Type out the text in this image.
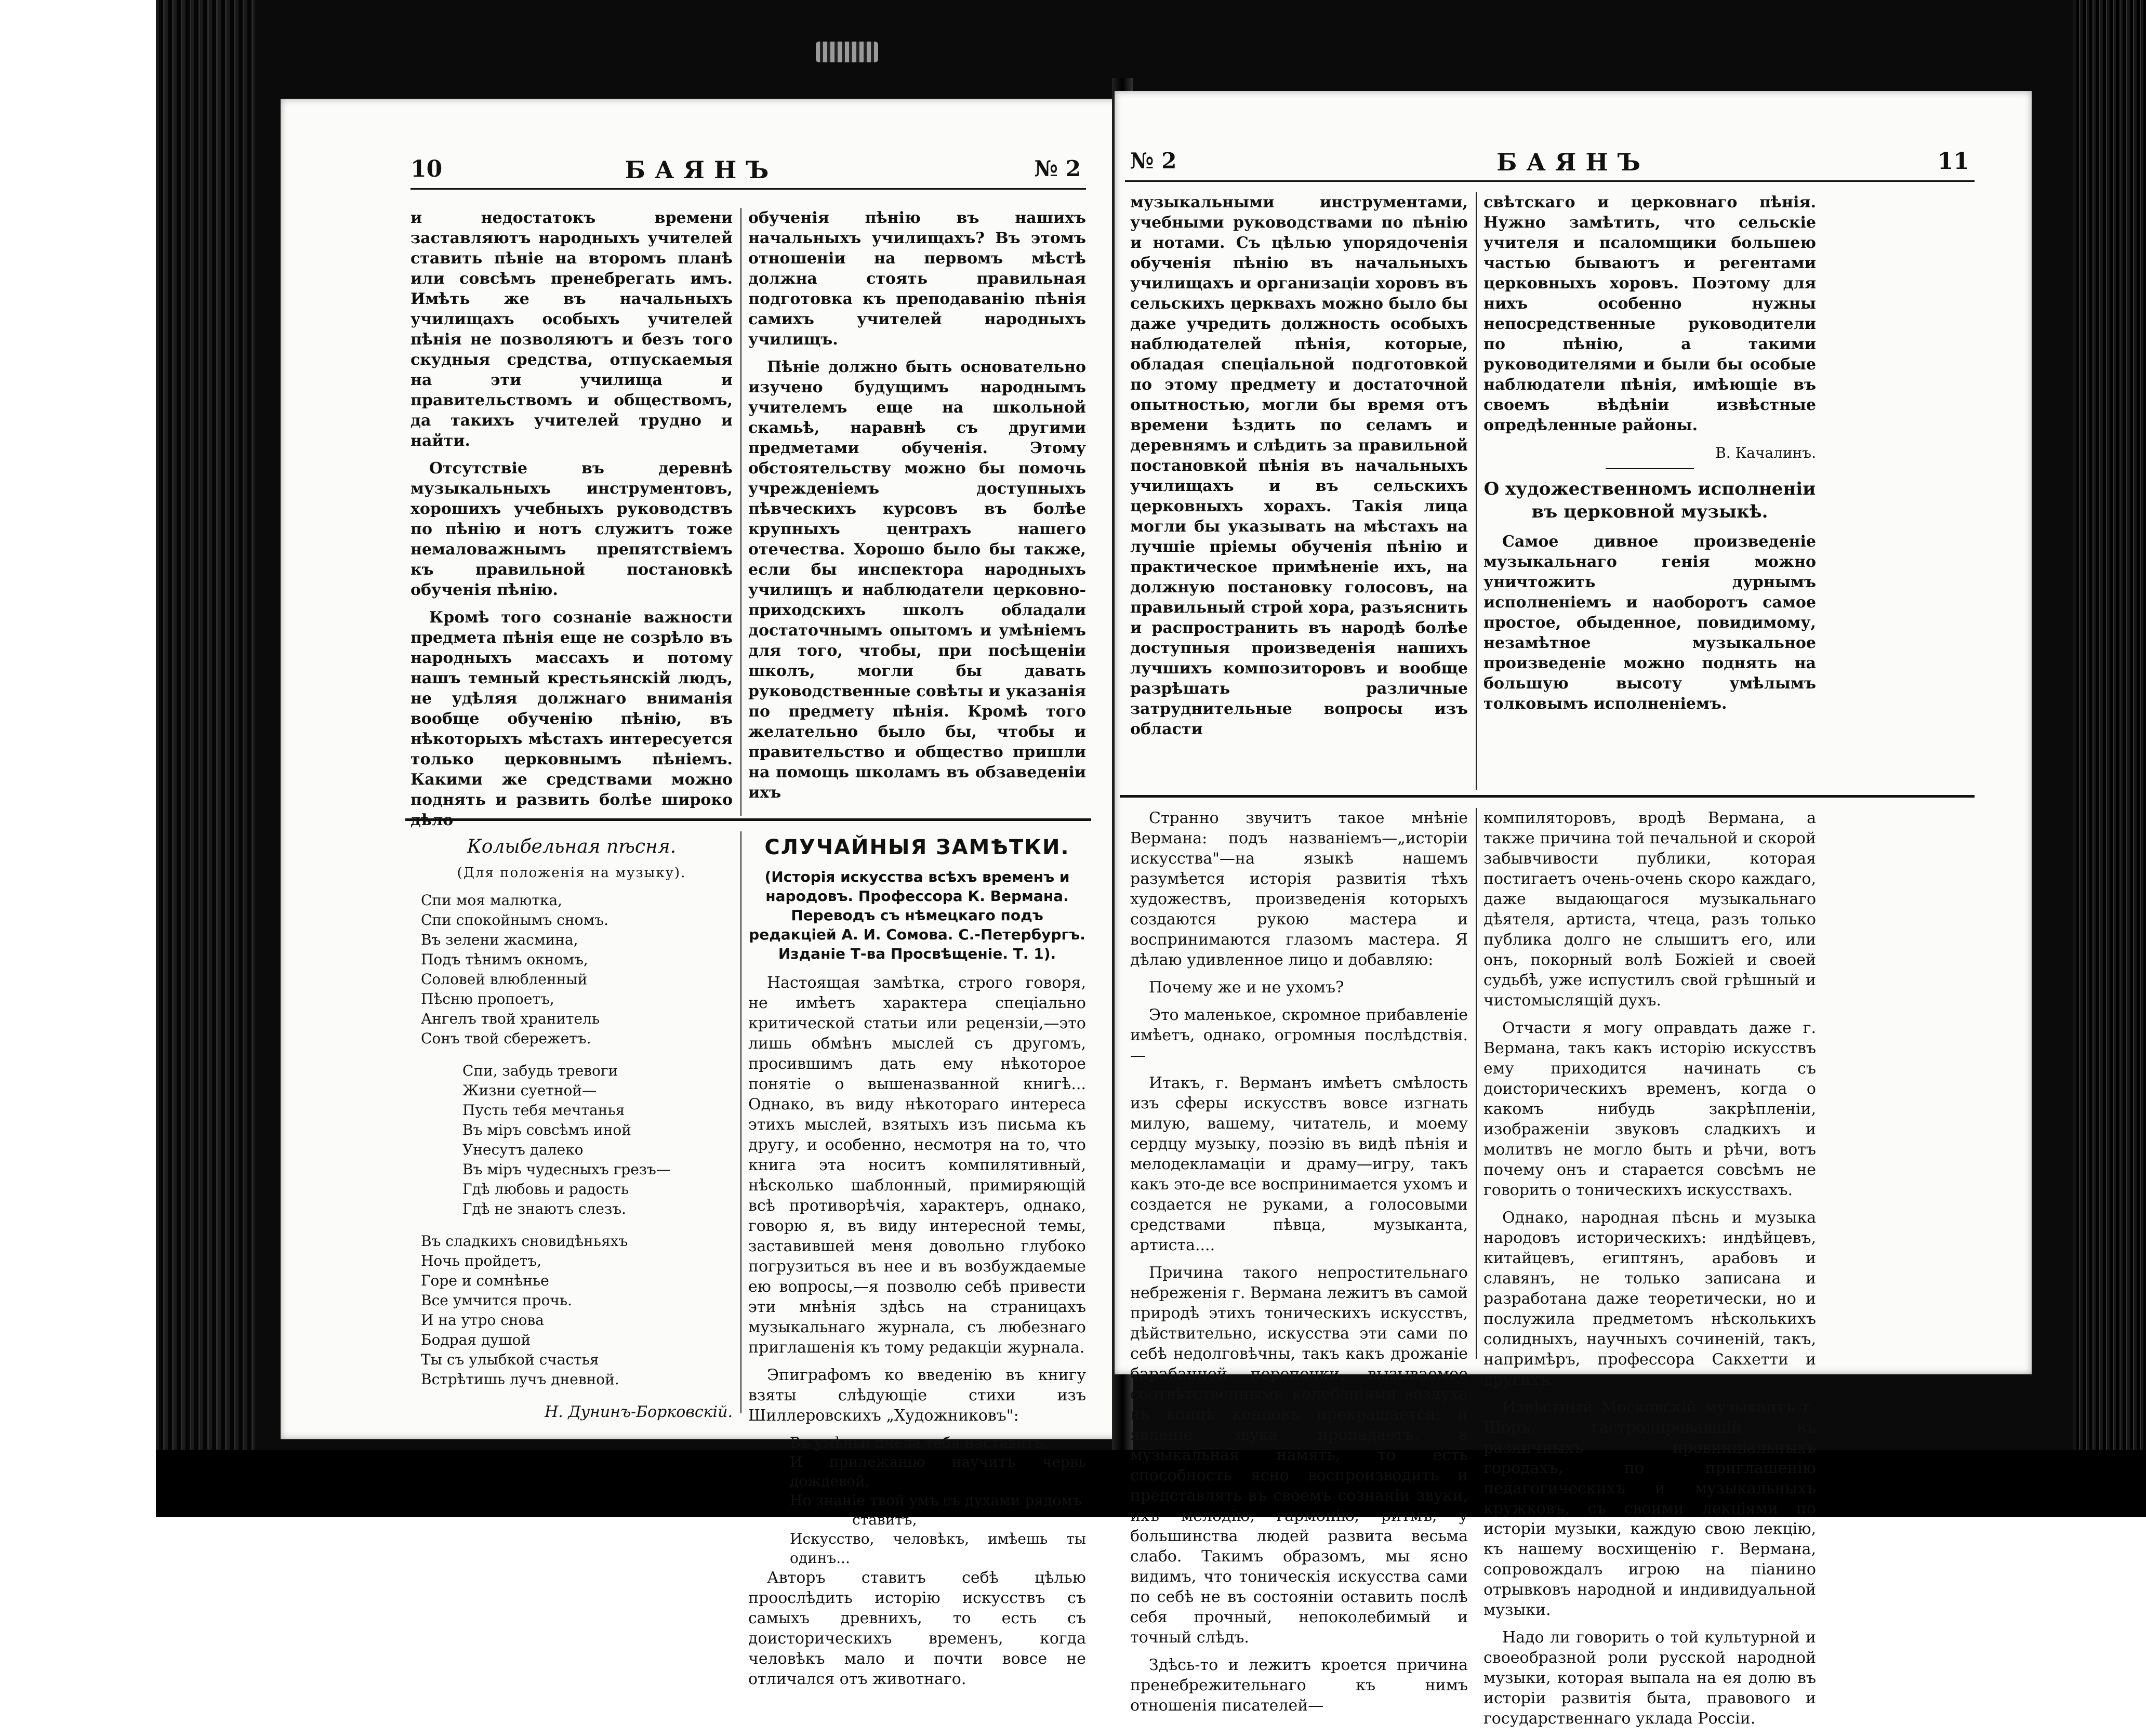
10	БАЯНЪ	№ 2

и недостатокъ времени заставляютъ народныхъ учителей ставить пѣніе на второмъ планѣ или совсѣмъ пренебрегать имъ. Имѣть же въ начальныхъ училищахъ особыхъ учителей пѣнія не позволяютъ и безъ того скудныя средства, отпускаемыя на эти училища и правительствомъ и обществомъ, да такихъ учителей трудно и найти.

Отсутствіе въ деревнѣ музыкальныхъ инструментовъ, хорошихъ учебныхъ руководствъ по пѣнію и нотъ служитъ тоже немаловажнымъ препятствіемъ къ правильной постановкѣ обученія пѣнію.

Кромѣ того сознаніе важности предмета пѣнія еще не созрѣло въ народныхъ массахъ и потому нашъ темный крестьянскій людъ, не удѣляя должнаго вниманія вообще обученію пѣнію, въ нѣкоторыхъ мѣстахъ интересуется только церковнымъ пѣніемъ. Какими же средствами можно поднять и развить болѣе широко дѣло

обученія пѣнію въ нашихъ начальныхъ училищахъ? Въ этомъ отношеніи на первомъ мѣстѣ должна стоять правильная подготовка къ преподаванію пѣнія самихъ учителей народныхъ училищъ.

Пѣніе должно быть основательно изучено будущимъ народнымъ учителемъ еще на школьной скамьѣ, наравнѣ съ другими предметами обученія. Этому обстоятельству можно бы помочь учрежденіемъ доступныхъ пѣвческихъ курсовъ въ болѣе крупныхъ центрахъ нашего отечества. Хорошо было бы также, если бы инспектора народныхъ училищъ и наблюдатели церковно-приходскихъ школъ обладали достаточнымъ опытомъ и умѣніемъ для того, чтобы, при посѣщеніи школъ, могли бы давать руководственные совѣты и указанія по предмету пѣнія. Кромѣ того желательно было бы, чтобы и правительство и общество пришли на помощь школамъ въ обзаведеніи ихъ

Колыбельная пѣсня.
(Для положенія на музыку).
Спи моя малютка,
Спи спокойнымъ сномъ.
Въ зелени жасмина,
Подъ тѣнимъ окномъ,
Соловей влюбленный
Пѣсню пропоетъ,
Ангелъ твой хранитель
Сонъ твой сбережетъ.
Спи, забудь тревоги
Жизни суетной—
Пусть тебя мечтанья
Въ міръ совсѣмъ иной
Унесутъ далеко
Въ міръ чудесныхъ грезъ—
Гдѣ любовь и радость
Гдѣ не знаютъ слезъ.
Въ сладкихъ сновидѣньяхъ
Ночь пройдетъ,
Горе и сомнѣнье
Все умчится прочь.
И на утро снова
Бодрая душой
Ты съ улыбкой счастья
Встрѣтишь лучъ дневной.
Н. Дунинъ-Борковскій.
СЛУЧАЙНЫЯ ЗАМѢТКИ.
(Исторія искусства всѣхъ временъ и народовъ. Профессора К. Вермана. Переводъ съ нѣмецкаго подъ редакціей А. И. Сомова. С.-Петербургъ. Изданіе Т-ва Просвѣщеніе. Т. 1).

Настоящая замѣтка, строго говоря, не имѣетъ характера спеціально критической статьи или рецензіи,—это лишь обмѣнъ мыслей съ другомъ, просившимъ дать ему нѣкоторое понятіе о вышеназванной книгѣ... Однако, въ виду нѣкотораго интереса этихъ мыслей, взятыхъ изъ письма къ другу, и особенно, несмотря на то, что книга эта носитъ компилятивный, нѣсколько шаблонный, примиряющій всѣ противорѣчія, характеръ, однако, говорю я, въ виду интересной темы, заставившей меня довольно глубоко погрузиться въ нее и въ возбуждаемые ею вопросы,—я позволю себѣ привести эти мнѣнія здѣсь на страницахъ музыкальнаго журнала, съ любезнаго приглашенія къ тому редакціи журнала.

Эпиграфомъ ко введенію въ книгу взяты слѣдующіе стихи изъ Шиллеровскихъ „Художниковъ":

Въ умѣньи пчела тебя наставитъ,
И прилежанію научитъ червь дождевой,
Но знаніе твой умъ съ духами рядомъ
ставитъ,
Искусство, человѣкъ, имѣешь ты одинъ...

Авторъ ставитъ себѣ цѣлью проослѣдить исторію искусствъ съ самыхъ древнихъ, то есть съ доисторическихъ временъ, когда человѣкъ мало и почти вовсе не отличался отъ животнаго.

№ 2	БАЯНЪ	11

музыкальными инструментами, учебными руководствами по пѣнію и нотами. Съ цѣлью упорядоченія обученія пѣнію въ начальныхъ училищахъ и организаціи хоровъ въ сельскихъ церквахъ можно было бы даже учредить должность особыхъ наблюдателей пѣнія, которые, обладая спеціальной подготовкой по этому предмету и достаточной опытностью, могли бы время отъ времени ѣздить по селамъ и деревнямъ и слѣдить за правильной постановкой пѣнія въ начальныхъ училищахъ и въ сельскихъ церковныхъ хорахъ. Такія лица могли бы указывать на мѣстахъ на лучшіе пріемы обученія пѣнію и практическое примѣненіе ихъ, на должную постановку голосовъ, на правильный строй хора, разъяснить и распространить въ народѣ болѣе доступныя произведенія нашихъ лучшихъ композиторовъ и вообще разрѣшать различные затруднительные вопросы изъ области

свѣтскаго и церковнаго пѣнія. Нужно замѣтить, что сельскіе учителя и псаломщики большею частью бываютъ и регентами церковныхъ хоровъ. Поэтому для нихъ особенно нужны непосредственные руководители по пѣнію, а такими руководителями и были бы особые наблюдатели пѣнія, имѣющіе въ своемъ вѣдѣніи извѣстные опредѣленные районы.

В. Качалинъ.
О художественномъ исполненіи въ церковной музыкѣ.

Самое дивное произведеніе музыкальнаго генія можно уничтожить дурнымъ исполненіемъ и наоборотъ самое простое, обыденное, повидимому, незамѣтное музыкальное произведеніе можно поднять на большую высоту умѣлымъ толковымъ исполненіемъ.

Странно звучитъ такое мнѣніе Вермана: подъ названіемъ—„исторіи искусства"—на языкѣ нашемъ разумѣется исторія развитія тѣхъ художествъ, произведенія которыхъ создаются рукою мастера и воспринимаются глазомъ мастера. Я дѣлаю удивленное лицо и добавляю:

Почему же и не ухомъ?

Это маленькое, скромное прибавленіе имѣетъ, однако, огромныя послѣдствія.—

Итакъ, г. Верманъ имѣетъ смѣлость изъ сферы искусствъ вовсе изгнать милую, вашему, читатель, и моему сердцу музыку, поэзію въ видѣ пѣнія и мелодекламаціи и драму—игру, такъ какъ это-де все воспринимается ухомъ и создается не руками, а голосовыми средствами пѣвца, музыканта, артиста....

Причина такого непростительнаго небреженія г. Вермана лежитъ въ самой природѣ этихъ тоническихъ искусствъ, дѣйствительно, искусства эти сами по себѣ недолговѣчны, такъ какъ дрожаніе барабанной перепонки, вызываемое соотвѣтственными колебаніями воздуха въ концѣ концовъ прекращается, и явленіе звука пропадаетъ, а музыкальная намять, то есть способность ясно воспроизводить и представлять въ своемъ сознаніи звуки, ихъ мелодію, гармонію, ритмъ, у большинства людей развита весьма слабо. Такимъ образомъ, мы ясно видимъ, что тоническія искусства сами по себѣ не въ состояніи оставить послѣ себя прочный, непоколебимый и точный слѣдъ.

Здѣсь-то и лежитъ кроется причина пренебрежительнаго къ нимъ отношенія писателей—

компиляторовъ, вродѣ Вермана, а также причина той печальной и скорой забывчивости публики, которая постигаетъ очень-очень скоро каждаго, даже выдающагося музыкальнаго дѣятеля, артиста, чтеца, разъ только публика долго не слышитъ его, или онъ, покорный волѣ Божіей и своей судьбѣ, уже испустилъ свой грѣшный и чистомыслящій духъ.

Отчасти я могу оправдать даже г. Вермана, такъ какъ исторію искусствъ ему приходится начинать съ доисторическихъ временъ, когда о какомъ нибудь закрѣпленіи, изображеніи звуковъ сладкихъ и молитвъ не могло быть и рѣчи, вотъ почему онъ и старается совсѣмъ не говорить о тоническихъ искусствахъ.

Однако, народная пѣснь и музыка народовъ историческихъ: индѣйцевъ, китайцевъ, египтянъ, арабовъ и славянъ, не только записана и разработана даже теоретически, но и послужила предметомъ нѣсколькихъ солидныхъ, научныхъ сочиненій, такъ, напримѣръ, профессора Сакхетти и другихъ.

Извѣстный Московскій музыкантъ г. Шоръ, гастролировавшій въ различныхъ провинціальныхъ городахъ, по приглашенію педагогическихъ и музыкальныхъ кружковъ, съ своими лекціями по исторіи музыки, каждую свою лекцію, къ нашему восхищенію г. Вермана, сопровождалъ игрою на піанино отрывковъ народной и индивидуальной музыки.

Надо ли говорить о той культурной и своеобразной роли русской народной музыки, которая выпала на ея долю въ исторіи развитія быта, правового и государственнаго уклада Россіи.
